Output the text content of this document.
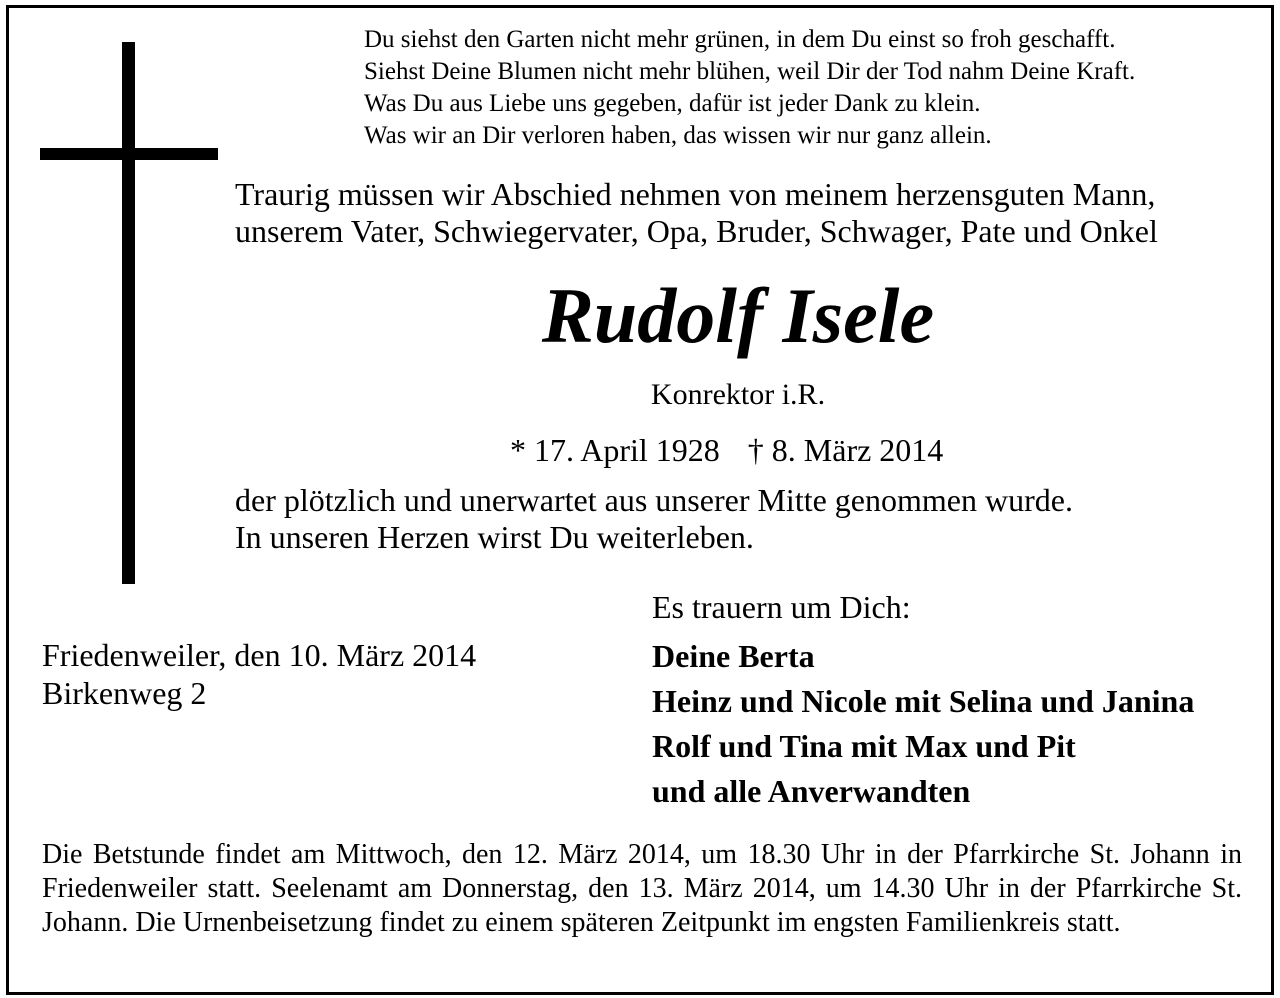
Du siehst den Garten nicht mehr grünen, in dem Du einst so froh geschafft.
Siehst Deine Blumen nicht mehr blühen, weil Dir der Tod nahm Deine Kraft.
Was Du aus Liebe uns gegeben, dafür ist jeder Dank zu klein.
Was wir an Dir verloren haben, das wissen wir nur ganz allein.
Traurig müssen wir Abschied nehmen von meinem herzensguten Mann,
unserem Vater, Schwiegervater, Opa, Bruder, Schwager, Pate und Onkel
Rudolf Isele
Konrektor i.R.
* 17. April 1928 † 8. März 2014
der plötzlich und unerwartet aus unserer Mitte genommen wurde.
In unseren Herzen wirst Du weiterleben.
Es trauern um Dich:
Friedenweiler, den 10. März 2014
Birkenweg 2
Deine Berta
Heinz und Nicole mit Selina und Janina
Rolf und Tina mit Max und Pit
und alle Anverwandten
Die Betstunde findet am Mittwoch, den 12. März 2014, um 18.30 Uhr in der Pfarrkirche St. Johann in Friedenweiler statt. Seelenamt am Donnerstag, den 13. März 2014, um 14.30 Uhr in der Pfarrkirche St. Johann. Die Urnenbeisetzung findet zu einem späteren Zeitpunkt im engsten Familienkreis statt.
